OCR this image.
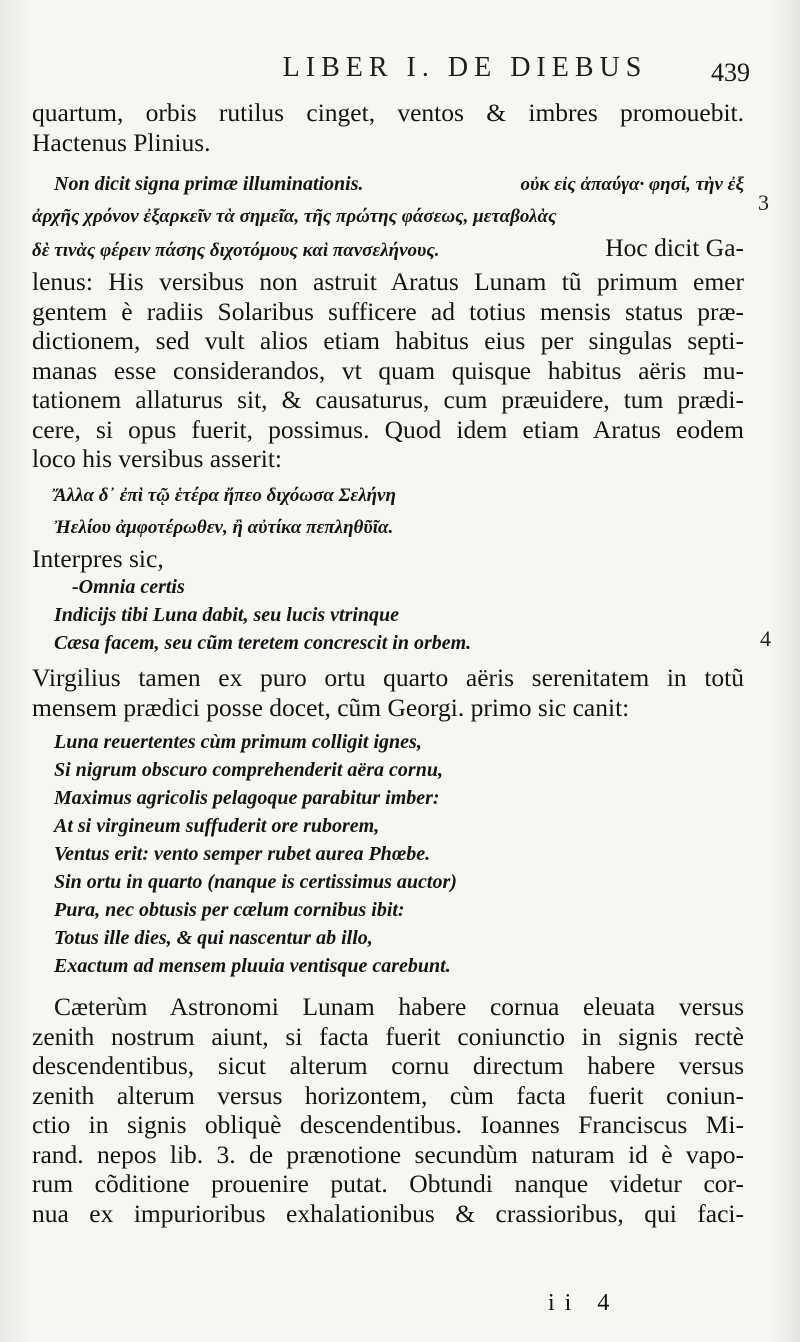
LIBER I. DE DIEBUS	439
3
4
quartum, orbis rutilus cinget, ventos & imbres promouebit.
Hactenus Plinius.
Non dicit signa primæ illuminationis.	οὐκ εἰς ἀπαύγα· φησί, τὴν ἐξ
ἀρχῆς χρόνον ἐξαρκεῖν τὰ σημεῖα, τῆς πρώτης φάσεως, μεταβολὰς
δὲ τινὰς φέρειν πάσης διχοτόμους καὶ πανσελήνους.	Hoc dicit Ga-
lenus: His versibus non astruit Aratus Lunam tũ primum emer
gentem è radiis Solaribus sufficere ad totius mensis status præ-
dictionem, sed vult alios etiam habitus eius per singulas septi-
manas esse considerandos, vt quam quisque habitus aëris mu-
tationem allaturus sit, & causaturus, cum præuidere, tum prædi-
cere, si opus fuerit, possimus. Quod idem etiam Aratus eodem
loco his versibus asserit:
Ἄλλα δ᾽ ἐπὶ τῷ ἑτέρα ἤπεο διχόωσα Σελήνη
Ἠελίου ἀμφοτέρωθεν, ἢ αὐτίκα πεπληθῦῖα.
Interpres sic,
-Omnia certis
Indicijs tibi Luna dabit, seu lucis vtrinque
Cæsa facem, seu cũm teretem concrescit in orbem.
Virgilius tamen ex puro ortu quarto aëris serenitatem in totũ
mensem prædici posse docet, cũm Georgi. primo sic canit:
Luna reuertentes cùm primum colligit ignes,
Si nigrum obscuro comprehenderit aëra cornu,
Maximus agricolis pelagoque parabitur imber:
At si virgineum suffuderit ore ruborem,
Ventus erit: vento semper rubet aurea Phœbe.
Sin ortu in quarto (nanque is certissimus auctor)
Pura, nec obtusis per cælum cornibus ibit:
Totus ille dies, & qui nascentur ab illo,
Exactum ad mensem pluuia ventisque carebunt.
Cæterùm Astronomi Lunam habere cornua eleuata versus
zenith nostrum aiunt, si facta fuerit coniunctio in signis rectè
descendentibus, sicut alterum cornu directum habere versus
zenith alterum versus horizontem, cùm facta fuerit coniun-
ctio in signis obliquè descendentibus. Ioannes Franciscus Mi-
rand. nepos lib. 3. de prænotione secundùm naturam id è vapo-
rum cõditione prouenire putat. Obtundi nanque videtur cor-
nua ex impurioribus exhalationibus & crassioribus, qui faci-
ii 4
